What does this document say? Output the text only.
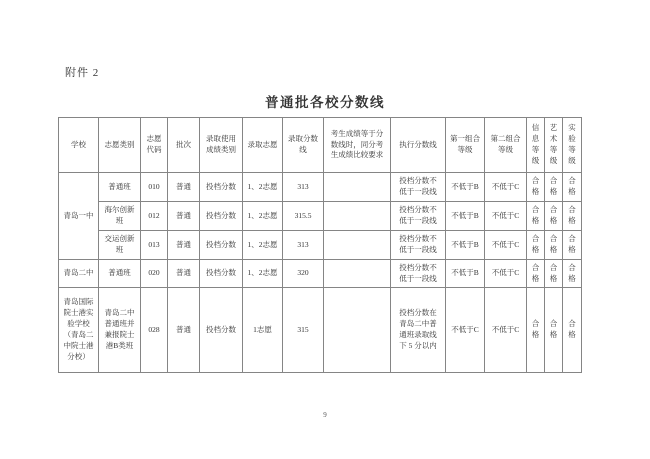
附件 2
普通批各校分数线
学校	志愿类别	志愿代码	批次	录取使用成绩类别	录取志愿	录取分数线	考生成绩等于分数线时，同分考生成绩比较要求	执行分数线	第一组合等级	第二组合等级	信息等级	艺术等级	实验等级
青岛一中	普通班	010	普通	投档分数	1、2志愿	313		投档分数不低于一段线	不低于B	不低于C	合格	合格	合格
	海尔创新班	012	普通	投档分数	1、2志愿	315.5		投档分数不低于一段线	不低于B	不低于C	合格	合格	合格
	交运创新班	013	普通	投档分数	1、2志愿	313		投档分数不低于一段线	不低于B	不低于C	合格	合格	合格
青岛二中	普通班	020	普通	投档分数	1、2志愿	320		投档分数不低于一段线	不低于B	不低于C	合格	合格	合格
青岛国际院士港实验学校（青岛二中院士港分校）	青岛二中普通班并兼报院士港B类班	028	普通	投档分数	1志愿	315		投档分数在青岛二中普通班录取线下 5 分以内	不低于C	不低于C	合格	合格	合格
9
